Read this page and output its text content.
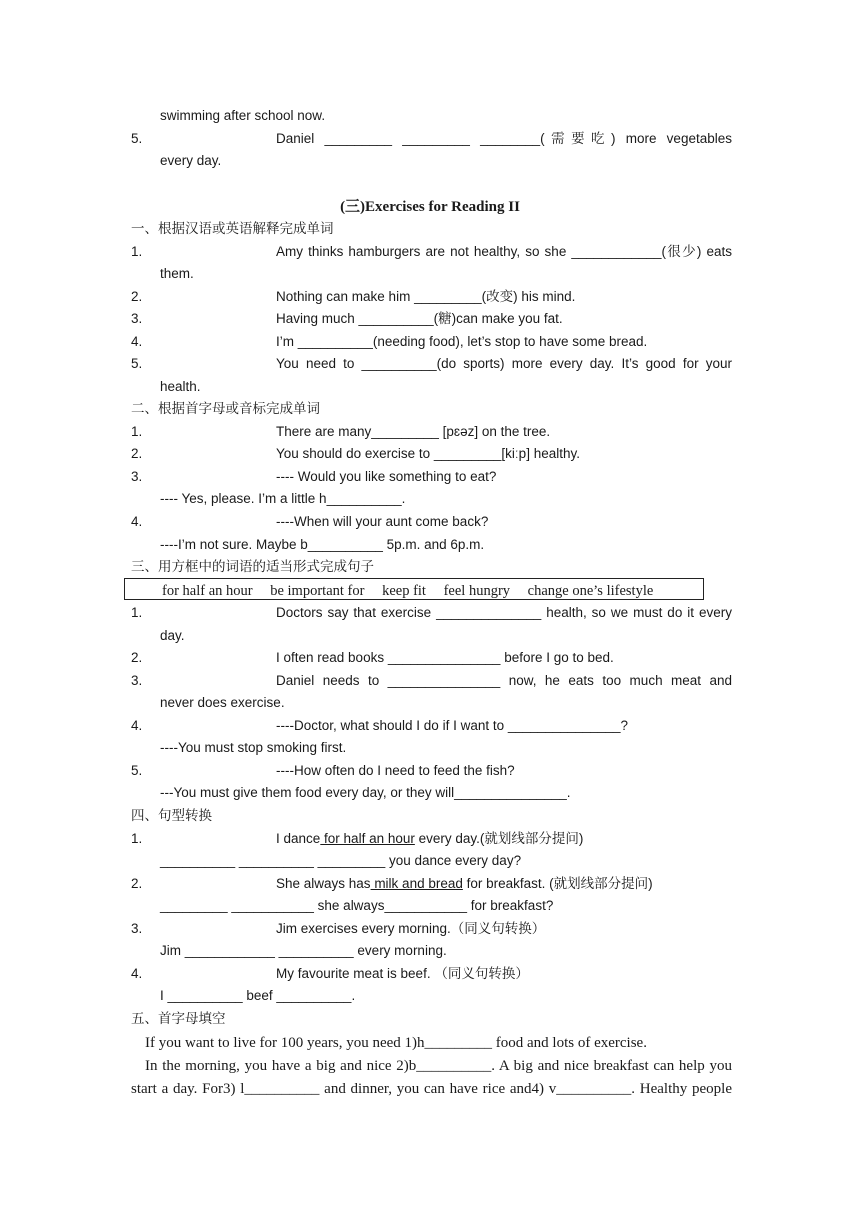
swimming after school now.
5.	Daniel _________ _________ ________(需要吃) more vegetables
every day.
(三)Exercises for Reading II
一、根据汉语或英语解释完成单词
1.	Amy thinks hamburgers are not healthy, so she ____________(很少) eats
them.
2.	Nothing can make him _________(改变) his mind.
3.	Having much __________(糖)can make you fat.
4.	I’m __________(needing food), let’s stop to have some bread.
5.	You need to __________(do sports) more every day. It’s good for your
health.
二、根据首字母或音标完成单词
1.	There are many_________ [pɛəz] on the tree.
2.	You should do exercise to _________[kiːp] healthy.
3.	---- Would you like something to eat?
---- Yes, please. I’m a little h__________.
4.	----When will your aunt come back?
----I’m not sure. Maybe b__________ 5p.m. and 6p.m.
三、用方框中的词语的适当形式完成句子
for half an hour be important for keep fit feel hungry change one’s lifestyle
1.	Doctors say that exercise ______________ health, so we must do it every
day.
2.	I often read books _______________ before I go to bed.
3.	Daniel needs to _______________ now, he eats too much meat and
never does exercise.
4.	----Doctor, what should I do if I want to _______________?
----You must stop smoking first.
5.	----How often do I need to feed the fish?
---You must give them food every day, or they will_______________.
四、句型转换
1.	I dance for half an hour every day.(就划线部分提问)
__________ __________ _________ you dance every day?
2.	She always has milk and bread for breakfast. (就划线部分提问)
_________ ___________ she always___________ for breakfast?
3.	Jim exercises every morning.（同义句转换）
Jim ____________ __________ every morning.
4.	My favourite meat is beef. （同义句转换）
I __________ beef __________.
五、首字母填空
If you want to live for 100 years, you need 1)h_________ food and lots of exercise.
In the morning, you have a big and nice 2)b__________. A big and nice breakfast can help you
start a day. For3) l__________ and dinner, you can have rice and4) v__________. Healthy people
